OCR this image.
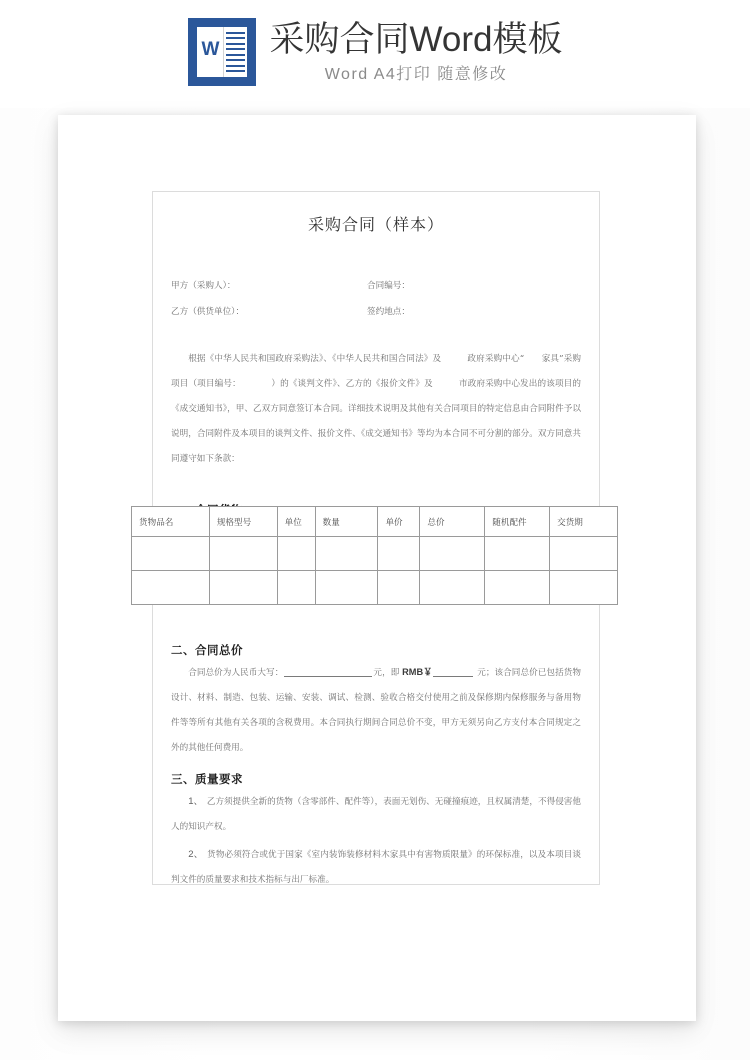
W 采购合同Word模板
Word A4打印 随意修改
采购合同（样本）
甲方（采购人）：	合同编号：
乙方（供货单位）：	签约地点：
根据《中华人民共和国政府采购法》、《中华人民共和国合同法》及　　　政府采购中心“　　家具”采购项目（项目编号：　　　　）的《谈判文件》、乙方的《报价文件》及　　　市政府采购中心发出的该项目的《成交通知书》，甲、乙双方同意签订本合同。详细技术说明及其他有关合同项目的特定信息由合同附件予以说明，合同附件及本项目的谈判文件、报价文件、《成交通知书》等均为本合同不可分割的部分。双方同意共同遵守如下条款：
二、合同总价
合同总价为人民币大写：	元，即 RMB￥	元；该合同总价已包括货物设计、材料、制造、包装、运输、安装、调试、检测、验收合格交付使用之前及保修期内保修服务与备用物件等等所有其他有关各项的含税费用。本合同执行期间合同总价不变，甲方无须另向乙方支付本合同规定之外的其他任何费用。
三、质量要求
1、　 乙方须提供全新的货物（含零部件、配件等），表面无划伤、无碰撞痕迹，且权属清楚，不得侵害他人的知识产权。
2、　 货物必须符合或优于国家《室内装饰装修材料木家具中有害物质限量》的环保标准，以及本项目谈判文件的质量要求和技术指标与出厂标准。
货物品名	规格型号	单位	数量	单价	总价	随机配件	交货期
